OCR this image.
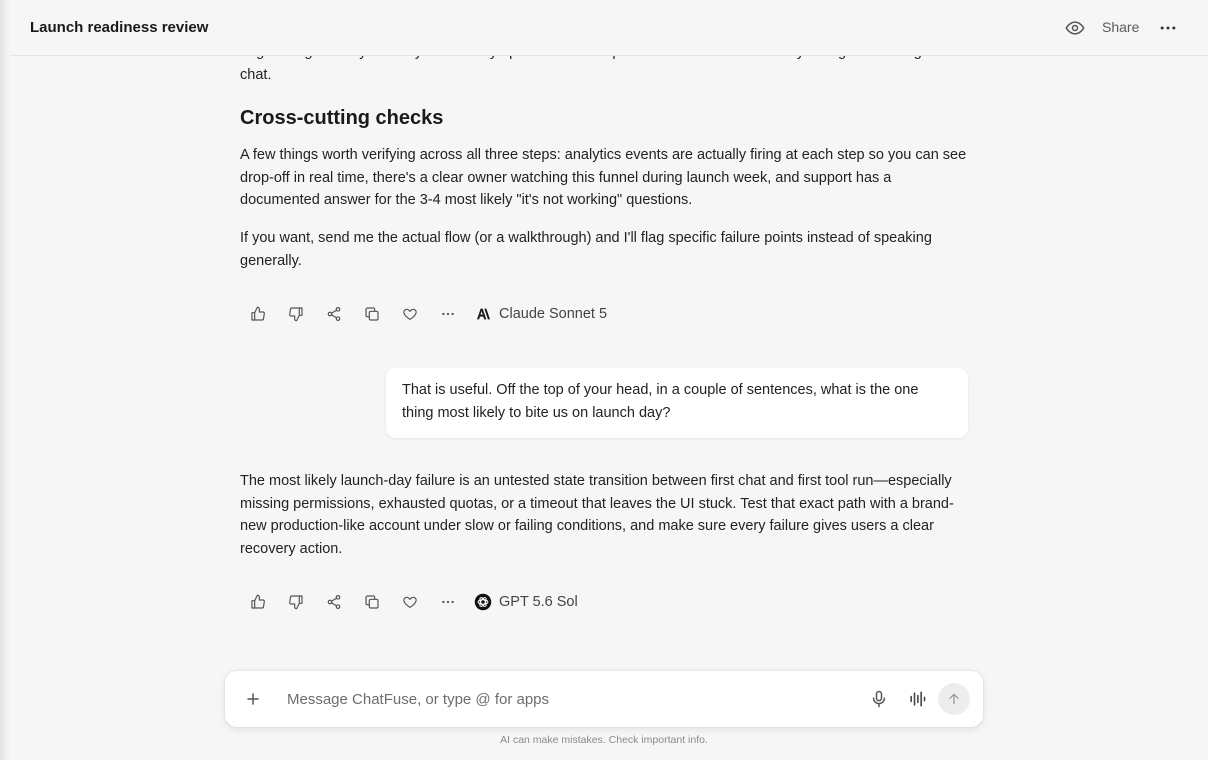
chat.

Cross-cutting checks

A few things worth verifying across all three steps: analytics events are actually firing at each step so you can see drop-off in real time, there's a clear owner watching this funnel during launch week, and support has a documented answer for the 3-4 most likely "it's not working" questions.

If you want, send me the actual flow (or a walkthrough) and I'll flag specific failure points instead of speaking generally.

The most likely launch-day failure is an untested state transition between first chat and first tool run—especially missing permissions, exhausted quotas, or a timeout that leaves the UI stuck. Test that exact path with a brand-new production-like account under slow or failing conditions, and make sure every failure gives users a clear recovery action.

Claude Sonnet 5
That is useful. Off the top of your head, in a couple of sentences, what is the one thing most likely to bite us on launch day?
GPT 5.6 Sol
Launch readiness review	Share
Message ChatFuse, or type @ for apps
AI can make mistakes. Check important info.
